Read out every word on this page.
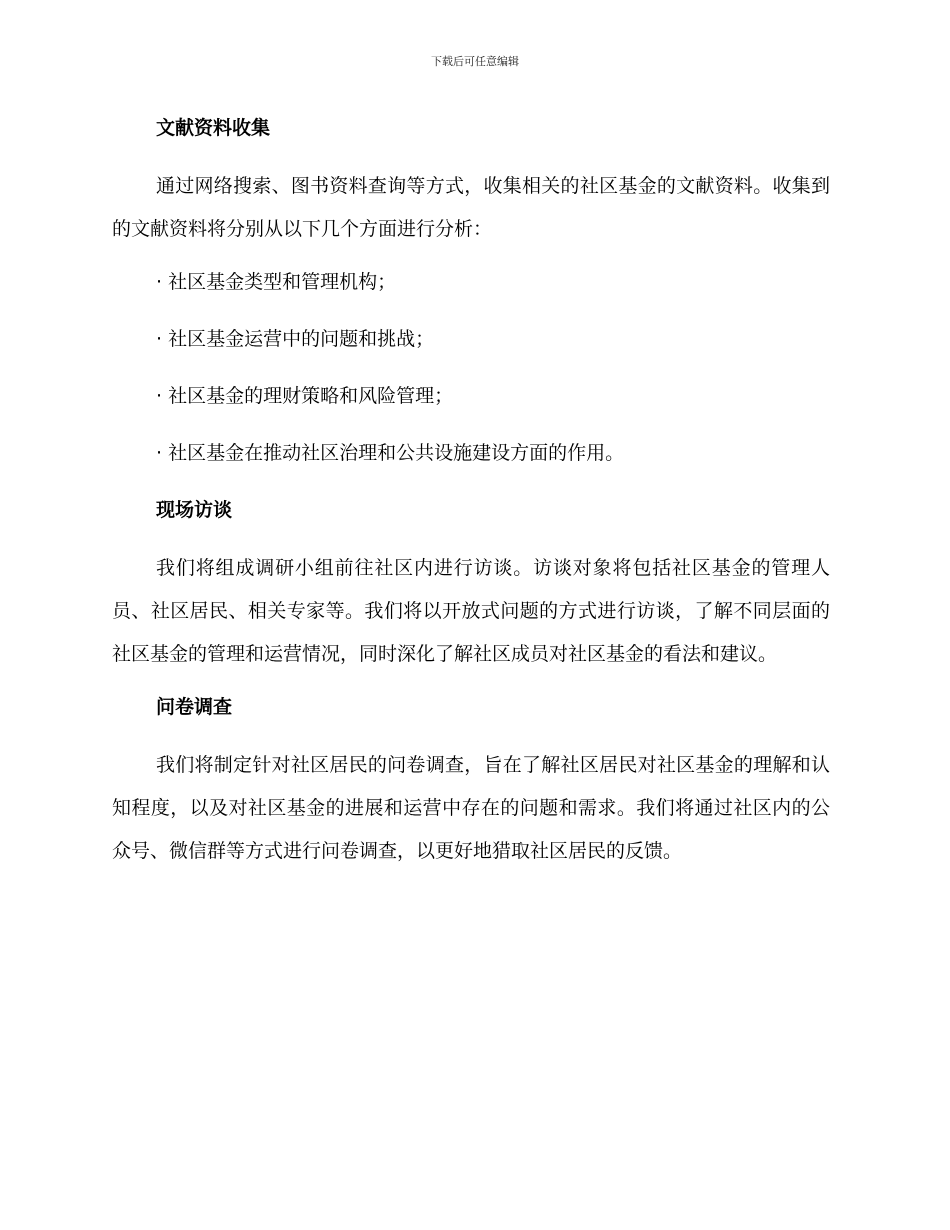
下载后可任意编辑
文献资料收集
通过网络搜索、图书资料查询等方式，收集相关的社区基金的文献资料。收集到的文献资料将分别从以下几个方面进行分析：
· 社区基金类型和管理机构；
· 社区基金运营中的问题和挑战；
· 社区基金的理财策略和风险管理；
· 社区基金在推动社区治理和公共设施建设方面的作用。
现场访谈
我们将组成调研小组前往社区内进行访谈。访谈对象将包括社区基金的管理人员、社区居民、相关专家等。我们将以开放式问题的方式进行访谈，了解不同层面的社区基金的管理和运营情况，同时深化了解社区成员对社区基金的看法和建议。
问卷调查
我们将制定针对社区居民的问卷调查，旨在了解社区居民对社区基金的理解和认知程度，以及对社区基金的进展和运营中存在的问题和需求。我们将通过社区内的公众号、微信群等方式进行问卷调查，以更好地猎取社区居民的反馈。
